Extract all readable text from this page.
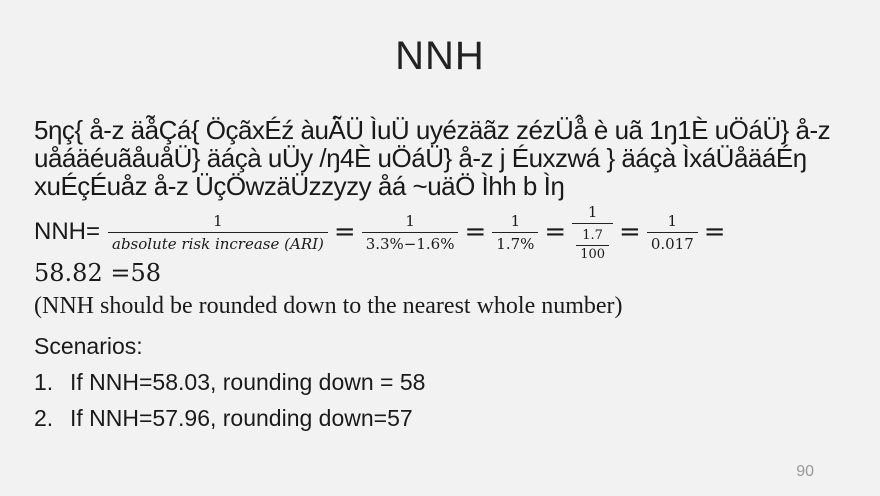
NNH
5ηç{ å-z äå̃Çá{ ÖçãxÉź àuÄ̃Ü ÌuÜ uyézäãz zézÜå̂ è uã 1ŋ1È uÖáÜ} å-z
uåáäéuãåuåÜ} äáçà uÜy /ŋ4È uÖáÜ} å-z j Éuxzwá } äáçà ÌxáÜåäáÉŋ
xuÉçÉuåz å-z ÜçÖwzäÜzzyzy åá ~uäÖ Ìhh b Ìŋ
$NNH= \frac{1}{\text{absolute risk increase (ARI)}} = \frac{1}{3.3\%-1.6\%} = \frac{1}{1.7\%} = \frac{1}{\frac{1.7}{100}} = \frac{1}{0.017}$ =
58.82 =58
(NNH should be rounded down to the nearest whole number)
Scenarios:
1. If NNH=58.03, rounding down = 58
2. If NNH=57.96, rounding down=57
90
